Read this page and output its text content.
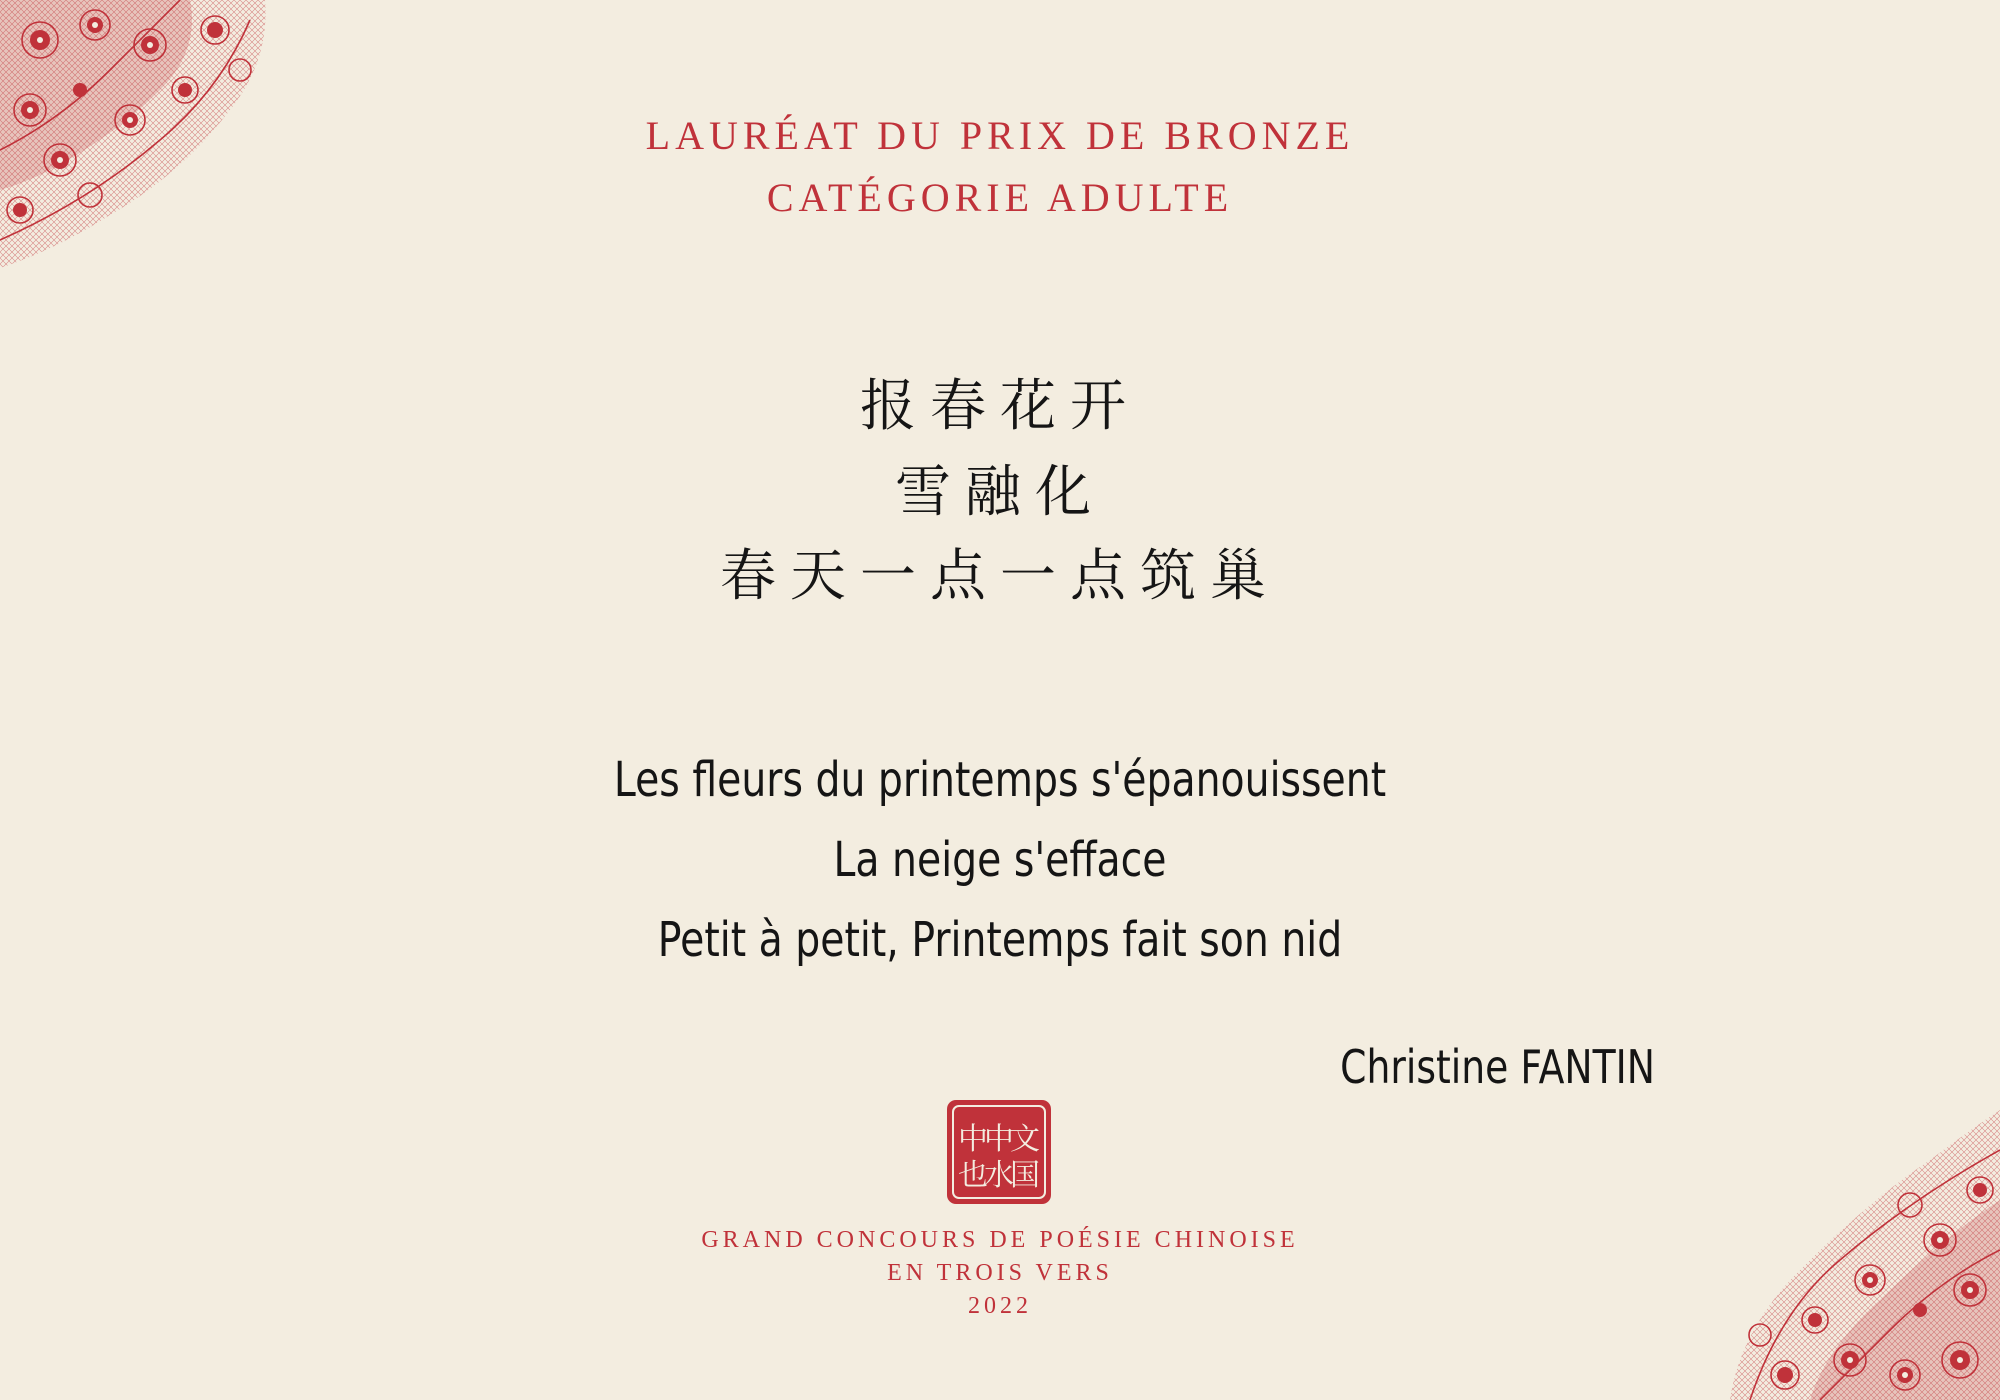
LAURÉAT DU PRIX DE BRONZE
CATÉGORIE ADULTE
报春花开
雪融化
春天一点一点筑巢
Les fleurs du printemps s'épanouissent
La neige s'efface
Petit à petit, Printemps fait son nid
Christine FANTIN
中
中
文
国
也
水
GRAND CONCOURS DE POÉSIE CHINOISE
EN TROIS VERS
2022
